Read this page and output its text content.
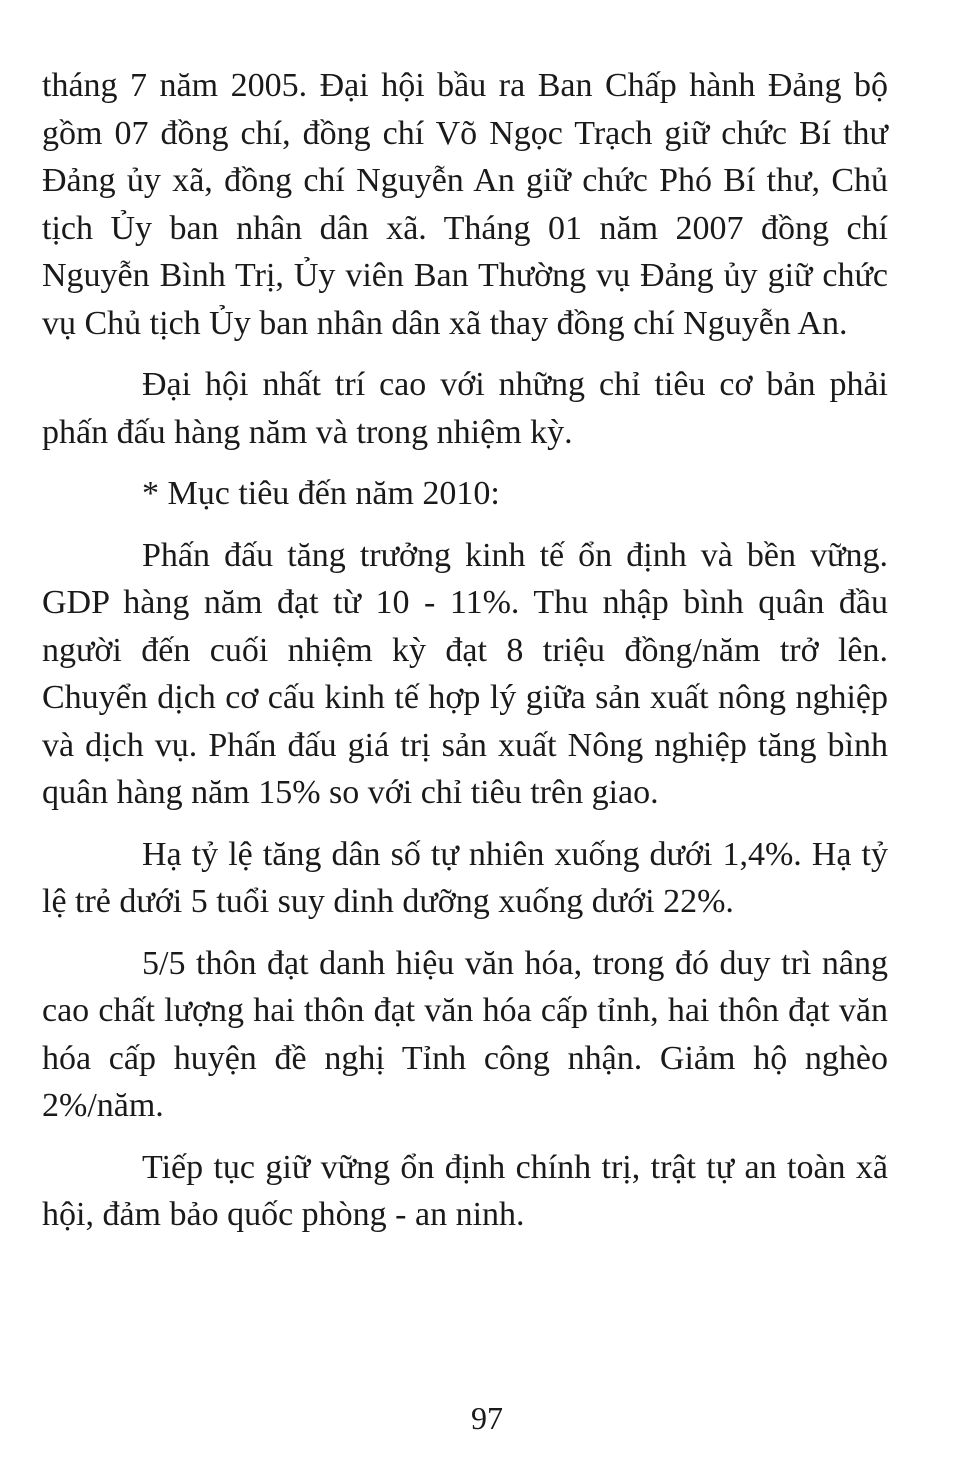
tháng 7 năm 2005. Đại hội bầu ra Ban Chấp hành Đảng bộ gồm 07 đồng chí, đồng chí Võ Ngọc Trạch giữ chức Bí thư Đảng ủy xã, đồng chí Nguyễn An giữ chức Phó Bí thư, Chủ tịch Ủy ban nhân dân xã. Tháng 01 năm 2007 đồng chí Nguyễn Bình Trị, Ủy viên Ban Thường vụ Đảng ủy giữ chức vụ Chủ tịch Ủy ban nhân dân xã thay đồng chí Nguyễn An.

Đại hội nhất trí cao với những chỉ tiêu cơ bản phải phấn đấu hàng năm và trong nhiệm kỳ.

* Mục tiêu đến năm 2010:

Phấn đấu tăng trưởng kinh tế ổn định và bền vững. GDP hàng năm đạt từ 10 - 11%. Thu nhập bình quân đầu người đến cuối nhiệm kỳ đạt 8 triệu đồng/năm trở lên. Chuyển dịch cơ cấu kinh tế hợp lý giữa sản xuất nông nghiệp và dịch vụ. Phấn đấu giá trị sản xuất Nông nghiệp tăng bình quân hàng năm 15% so với chỉ tiêu trên giao.

Hạ tỷ lệ tăng dân số tự nhiên xuống dưới 1,4%. Hạ tỷ lệ trẻ dưới 5 tuổi suy dinh dưỡng xuống dưới 22%.

5/5 thôn đạt danh hiệu văn hóa, trong đó duy trì nâng cao chất lượng hai thôn đạt văn hóa cấp tỉnh, hai thôn đạt văn hóa cấp huyện đề nghị Tỉnh công nhận. Giảm hộ nghèo 2%/năm.

Tiếp tục giữ vững ổn định chính trị, trật tự an toàn xã hội, đảm bảo quốc phòng - an ninh.

97
